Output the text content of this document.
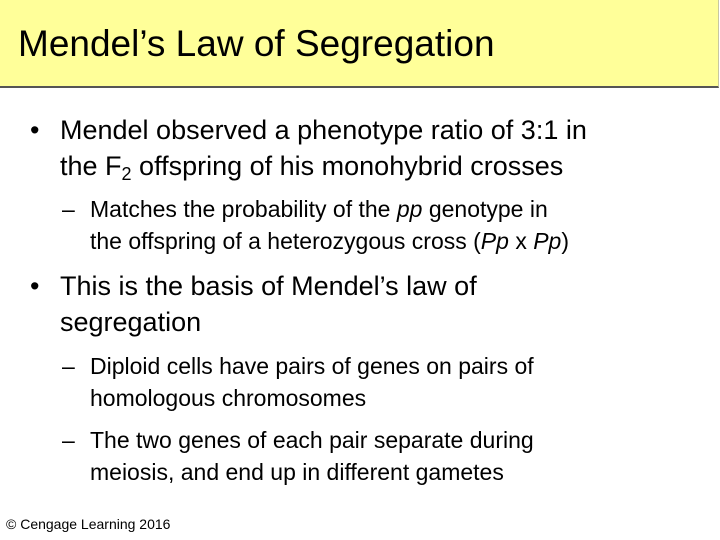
Mendel’s Law of Segregation
• Mendel observed a phenotype ratio of 3:1 in
the $F_2$ offspring of his monohybrid crosses
– Matches the probability of the pp genotype in
the offspring of a heterozygous cross (Pp x Pp)
• This is the basis of Mendel’s law of
segregation
– Diploid cells have pairs of genes on pairs of
homologous chromosomes
– The two genes of each pair separate during
meiosis, and end up in different gametes
© Cengage Learning 2016
